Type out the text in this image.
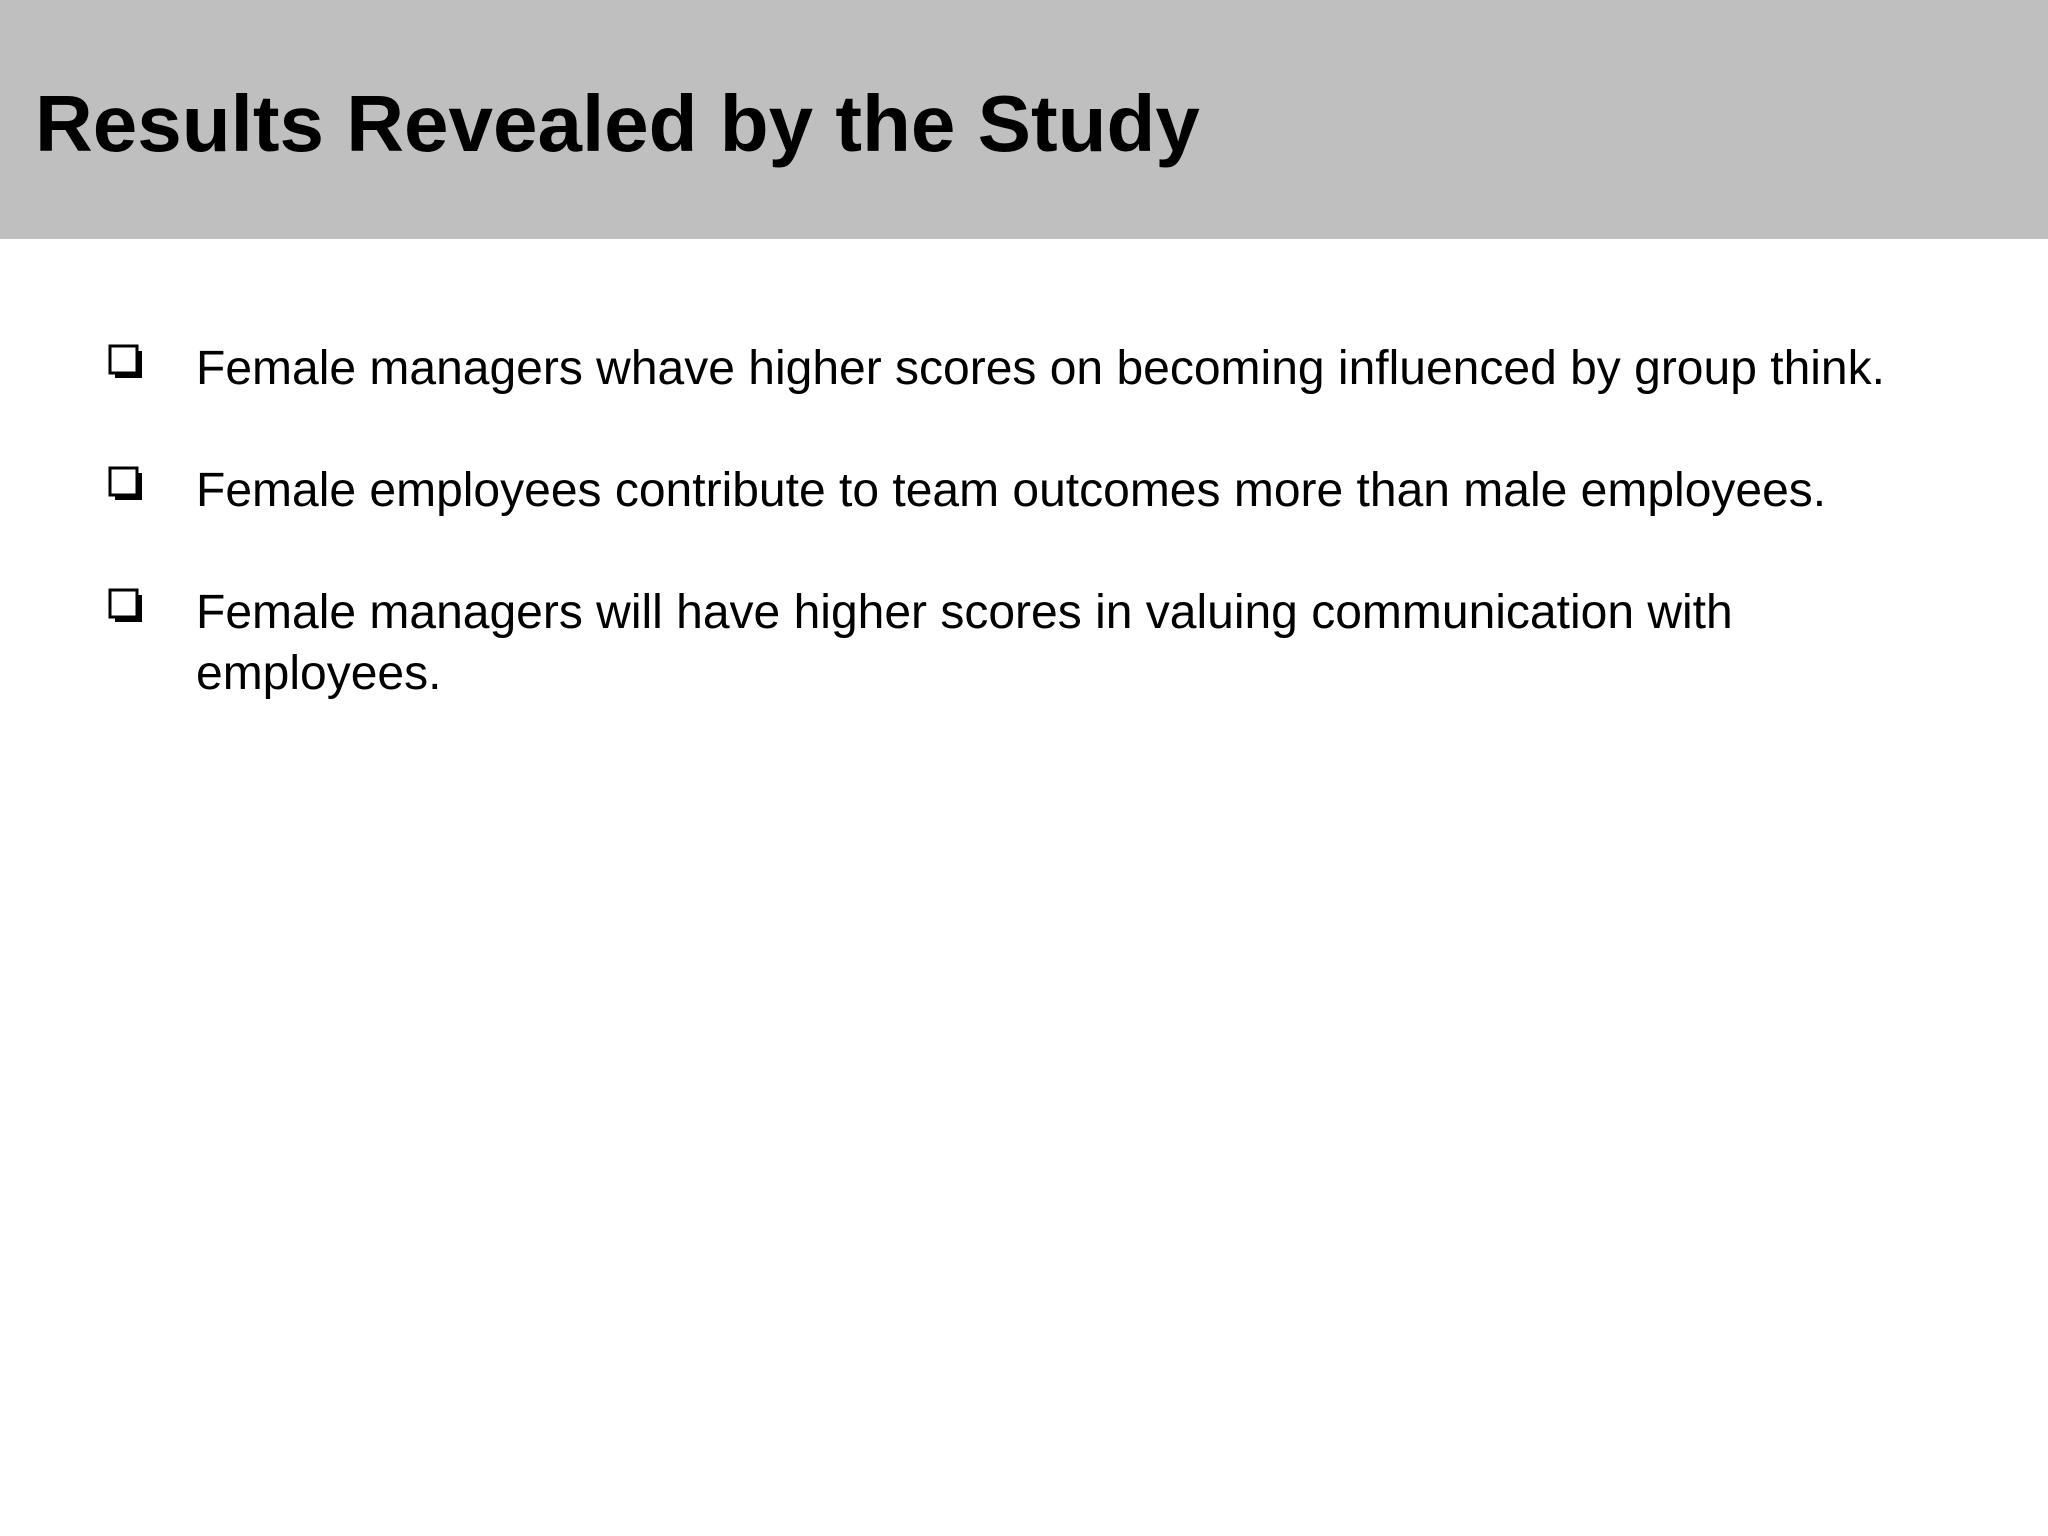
Results Revealed by the Study
Female managers whave higher scores on becoming influenced by group think.
Female employees contribute to team outcomes more than male employees.
Female managers will have higher scores in valuing communication with employees.
